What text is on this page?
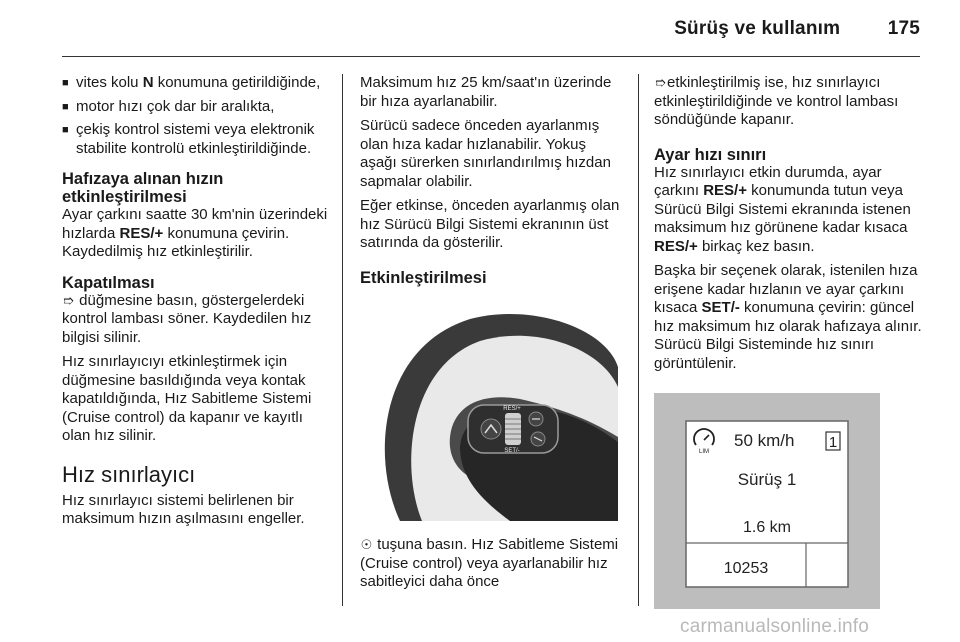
Sürüş ve kullanım 175
■ vites kolu N konumuna getirildiğinde,
■ motor hızı çok dar bir aralıkta,
■ çekiş kontrol sistemi veya elektronik stabilite kontrolü etkinleştirildiğinde.
Hafızaya alınan hızın etkinleştirilmesi

Ayar çarkını saatte 30 km'nin üzerindeki hızlarda RES/+ konumuna çevirin. Kaydedilmiş hız etkinleştirilir.

Kapatılması

➱ düğmesine basın, göstergelerdeki kontrol lambası söner. Kaydedilen hız bilgisi silinir.

Hız sınırlayıcıyı etkinleştirmek için düğmesine basıldığında veya kontak kapatıldığında, Hız Sabitleme Sistemi (Cruise control) da kapanır ve kayıtlı olan hız silinir.

Hız sınırlayıcı

Hız sınırlayıcı sistemi belirlenen bir maksimum hızın aşılmasını engeller.

Maksimum hız 25 km/saat'ın üzerinde bir hıza ayarlanabilir.

Sürücü sadece önceden ayarlanmış olan hıza kadar hızlanabilir. Yokuş aşağı sürerken sınırlandırılmış hızdan sapmalar olabilir.

Eğer etkinse, önceden ayarlanmış olan hız Sürücü Bilgi Sistemi ekranının üst satırında da gösterilir.

Etkinleştirilmesi
RES/+
SET/-

☉ tuşuna basın. Hız Sabitleme Sistemi (Cruise control) veya ayarlanabilir hız sabitleyici daha önce

➱etkinleştirilmiş ise, hız sınırlayıcı etkinleştirildiğinde ve kontrol lambası söndüğünde kapanır.

Ayar hızı sınırı

Hız sınırlayıcı etkin durumda, ayar çarkını RES/+ konumunda tutun veya Sürücü Bilgi Sistemi ekranında istenen maksimum hız görünene kadar kısaca RES/+ birkaç kez basın.

Başka bir seçenek olarak, istenilen hıza erişene kadar hızlanın ve ayar çarkını kısaca SET/- konumuna çevirin: güncel hız maksimum hız olarak hafızaya alınır. Sürücü Bilgi Sisteminde hız sınırı görüntülenir.

LIM
50 km/h 1
Sürüş 1
1.6 km
10253
carmanualsonline.info
